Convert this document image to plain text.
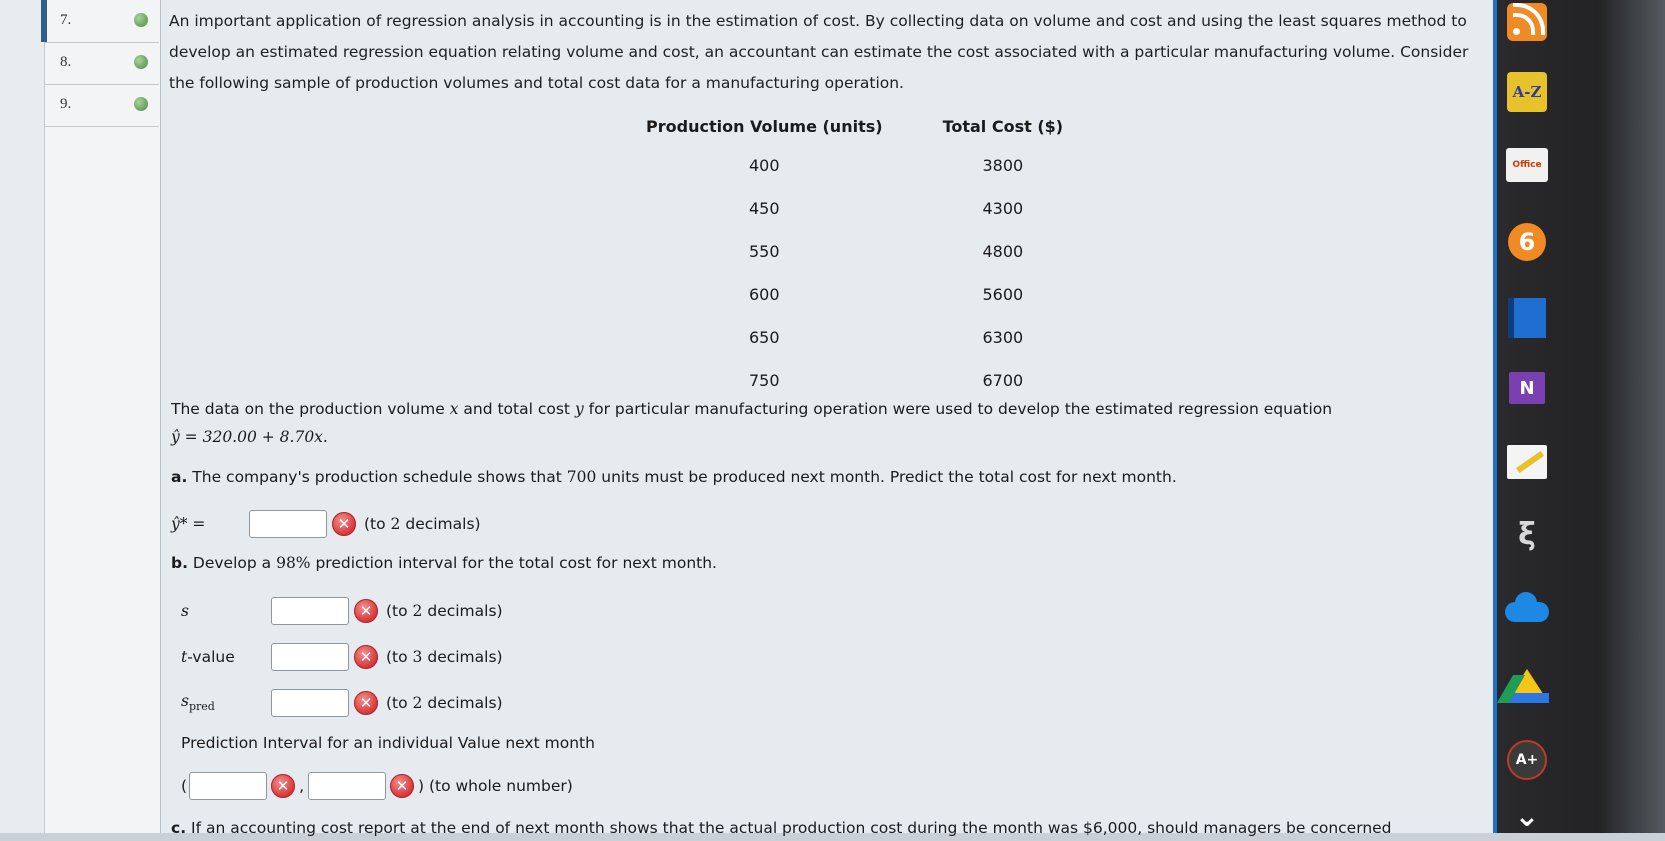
7.
8.
9.
An important application of regression analysis in accounting is in the estimation of cost. By collecting data on volume and cost and using the least squares method to develop an estimated regression equation relating volume and cost, an accountant can estimate the cost associated with a particular manufacturing volume. Consider the following sample of production volumes and total cost data for a manufacturing operation.
Production Volume (units)	Total Cost ($)
400	3800
450	4300
550	4800
600	5600
650	6300
750	6700
The data on the production volume x and total cost y for particular manufacturing operation were used to develop the estimated regression equation
ŷ = 320.00 + 8.70x.
a. The company's production schedule shows that 700 units must be produced next month. Predict the total cost for next month.
ŷ* =	✕ (to 2 decimals)
b. Develop a 98% prediction interval for the total cost for next month.
s	✕ (to 2 decimals)
t-value	✕ (to 3 decimals)
$s_{pred}$	✕ (to 2 decimals)
Prediction Interval for an individual Value next month
(	✕ ,	✕ ) (to whole number)
c. If an accounting cost report at the end of next month shows that the actual production cost during the month was $6,000, should managers be concerned
A-Z
Office
6
N
ξ
A+
⌄
